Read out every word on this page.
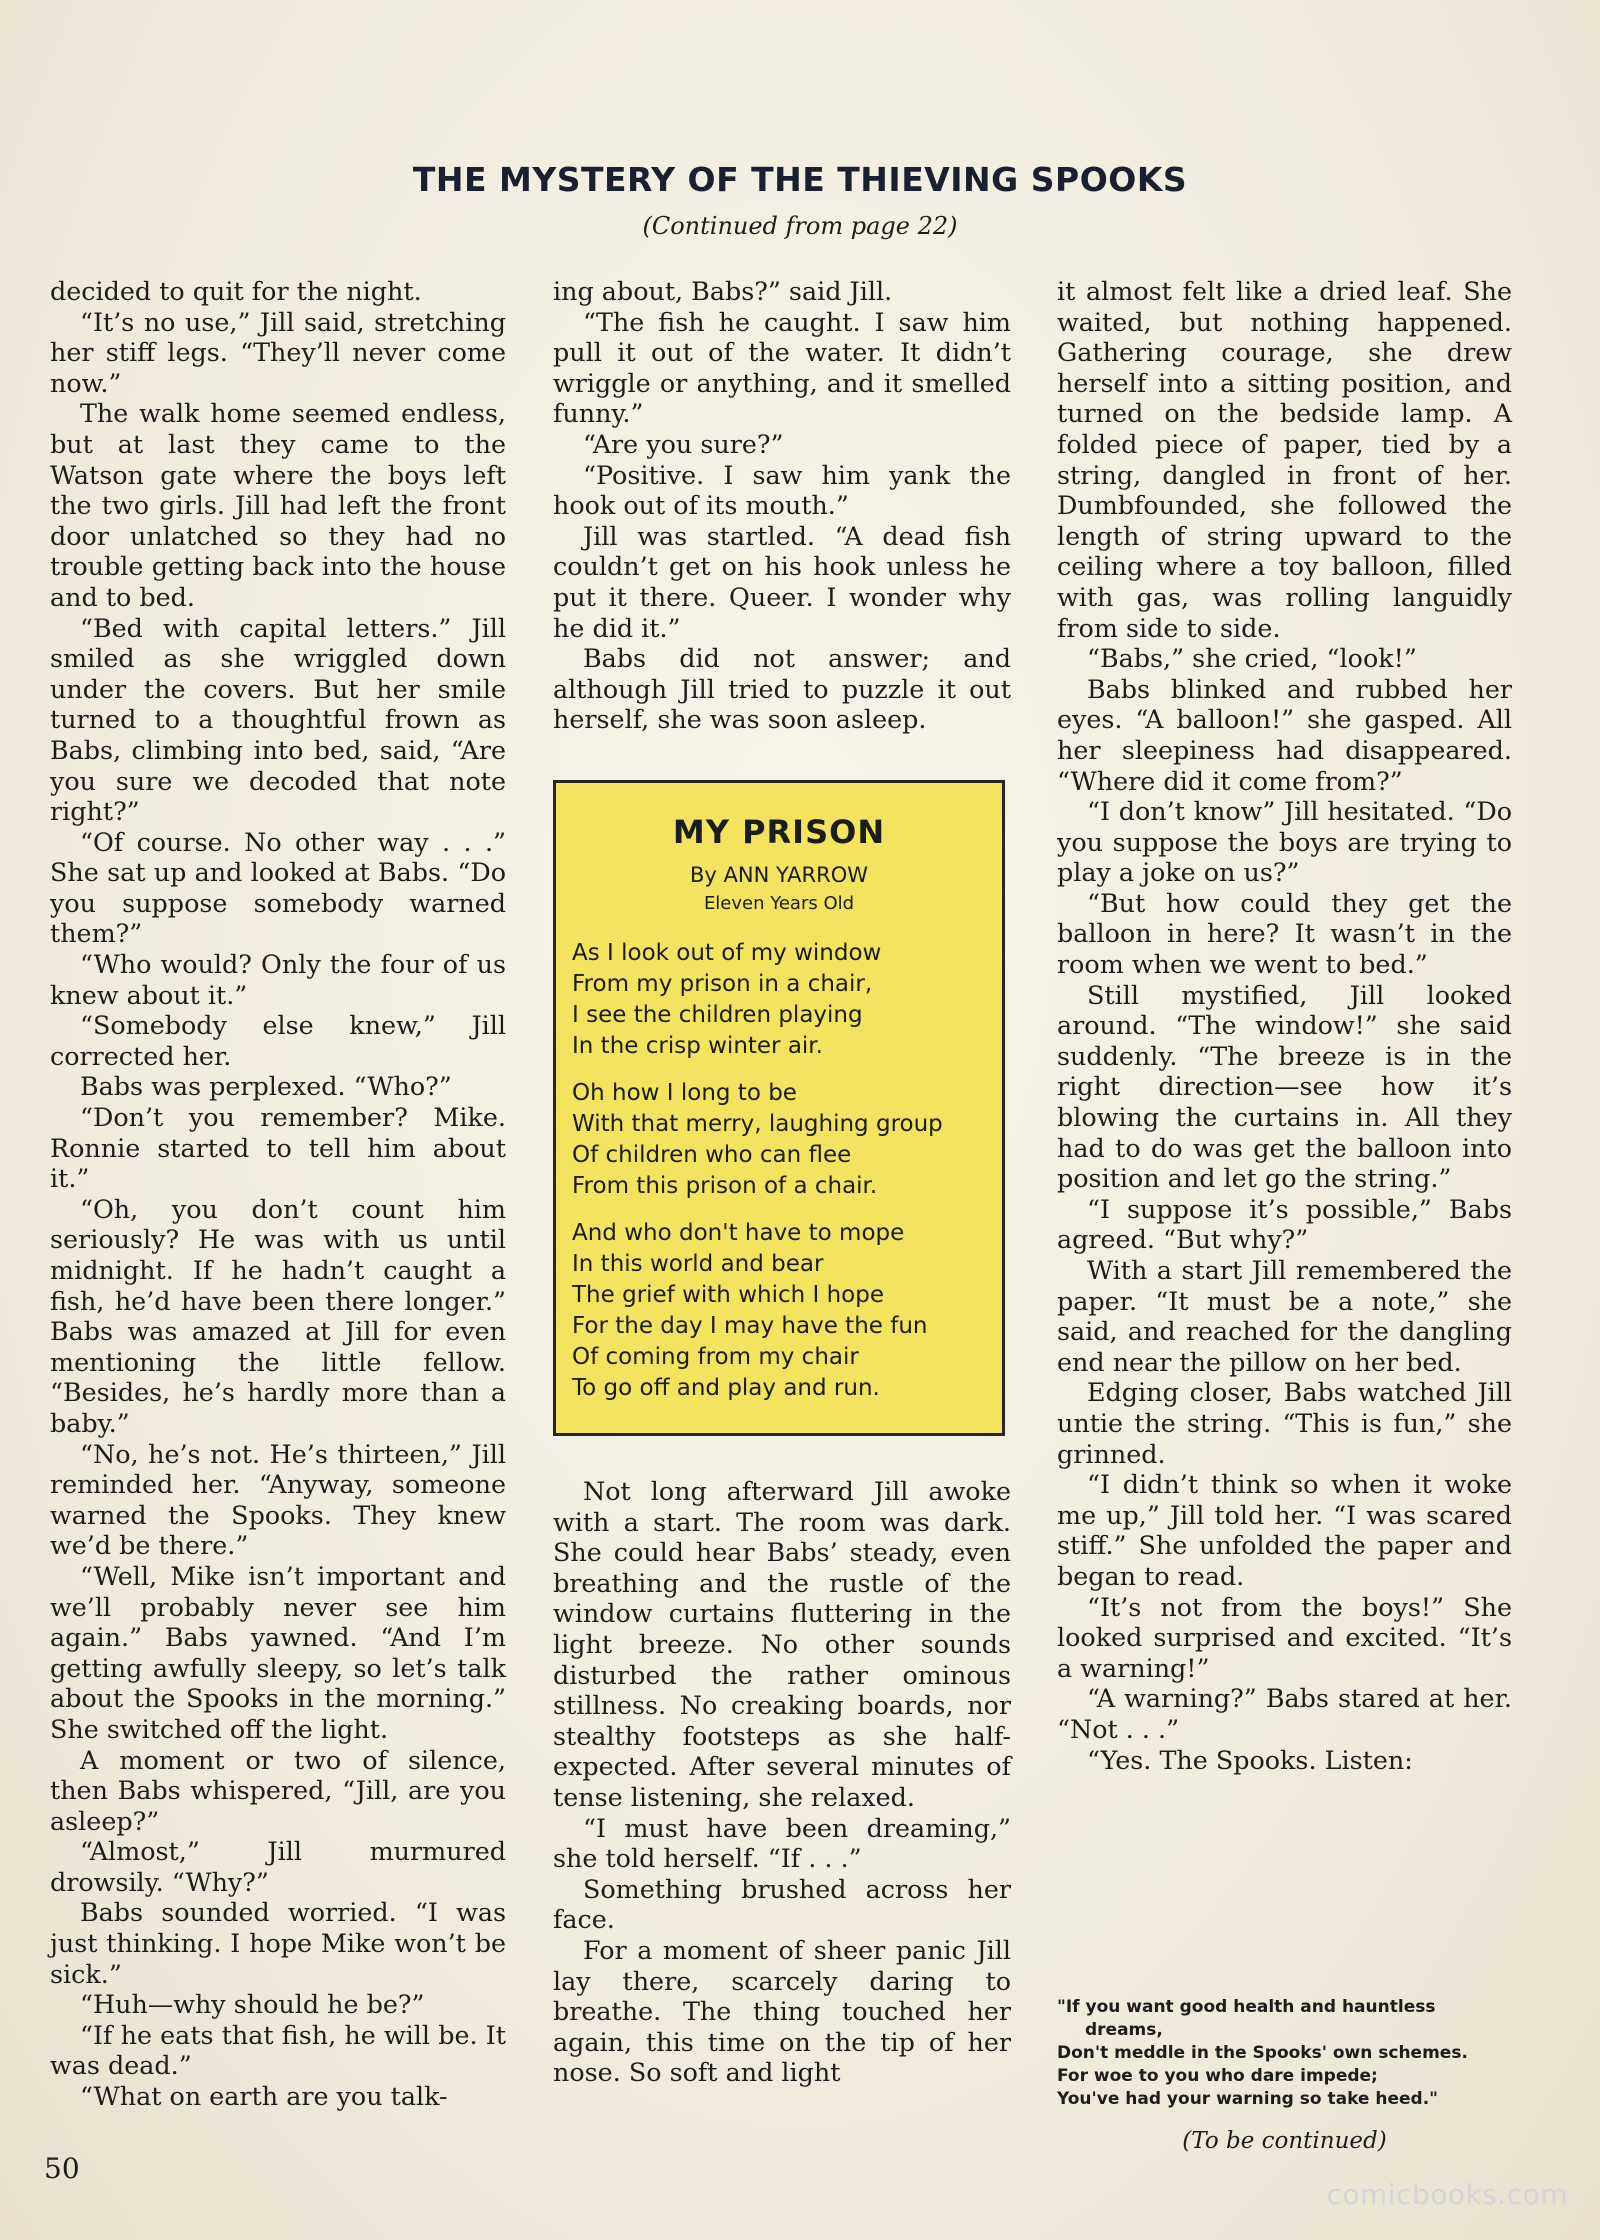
THE MYSTERY OF THE THIEVING SPOOKS
(Continued from page 22)

decided to quit for the night.

“It’s no use,” Jill said, stretching her stiff legs. “They’ll never come now.”

The walk home seemed endless, but at last they came to the Watson gate where the boys left the two girls. Jill had left the front door unlatched so they had no trouble getting back into the house and to bed.

“Bed with capital letters.” Jill smiled as she wriggled down under the covers. But her smile turned to a thoughtful frown as Babs, climbing into bed, said, “Are you sure we decoded that note right?”

“Of course. No other way . . .” She sat up and looked at Babs. “Do you suppose somebody warned them?”

“Who would? Only the four of us knew about it.”

“Somebody else knew,” Jill corrected her.

Babs was perplexed. “Who?”

“Don’t you remember? Mike. Ronnie started to tell him about it.”

“Oh, you don’t count him seriously? He was with us until midnight. If he hadn’t caught a fish, he’d have been there longer.” Babs was amazed at Jill for even mentioning the little fellow. “Besides, he’s hardly more than a baby.”

“No, he’s not. He’s thirteen,” Jill reminded her. “Anyway, someone warned the Spooks. They knew we’d be there.”

“Well, Mike isn’t important and we’ll probably never see him again.” Babs yawned. “And I’m getting awfully sleepy, so let’s talk about the Spooks in the morning.” She switched off the light.

A moment or two of silence, then Babs whispered, “Jill, are you asleep?”

“Almost,” Jill murmured drowsily. “Why?”

Babs sounded worried. “I was just thinking. I hope Mike won’t be sick.”

“Huh—why should he be?”

“If he eats that fish, he will be. It was dead.”

“What on earth are you talk-

ing about, Babs?” said Jill.

“The fish he caught. I saw him pull it out of the water. It didn’t wriggle or anything, and it smelled funny.”

“Are you sure?”

“Positive. I saw him yank the hook out of its mouth.”

Jill was startled. “A dead fish couldn’t get on his hook unless he put it there. Queer. I wonder why he did it.”

Babs did not answer; and although Jill tried to puzzle it out herself, she was soon asleep.

MY PRISON
By ANN YARROW
Eleven Years Old
As I look out of my window
From my prison in a chair,
I see the children playing
In the crisp winter air.
Oh how I long to be
With that merry, laughing group
Of children who can flee
From this prison of a chair.
And who don't have to mope
In this world and bear
The grief with which I hope
For the day I may have the fun
Of coming from my chair
To go off and play and run.

Not long afterward Jill awoke with a start. The room was dark. She could hear Babs’ steady, even breathing and the rustle of the window curtains fluttering in the light breeze. No other sounds disturbed the rather ominous stillness. No creaking boards, nor stealthy footsteps as she half-expected. After several minutes of tense listening, she relaxed.

“I must have been dreaming,” she told herself. “If . . .”

Something brushed across her face.

For a moment of sheer panic Jill lay there, scarcely daring to breathe. The thing touched her again, this time on the tip of her nose. So soft and light

it almost felt like a dried leaf. She waited, but nothing happened. Gathering courage, she drew herself into a sitting position, and turned on the bedside lamp. A folded piece of paper, tied by a string, dangled in front of her. Dumbfounded, she followed the length of string upward to the ceiling where a toy balloon, filled with gas, was rolling languidly from side to side.

“Babs,” she cried, “look!”

Babs blinked and rubbed her eyes. “A balloon!” she gasped. All her sleepiness had disappeared. “Where did it come from?”

“I don’t know” Jill hesitated. “Do you suppose the boys are trying to play a joke on us?”

“But how could they get the balloon in here? It wasn’t in the room when we went to bed.”

Still mystified, Jill looked around. “The window!” she said suddenly. “The breeze is in the right direction—see how it’s blowing the curtains in. All they had to do was get the balloon into position and let go the string.”

“I suppose it’s possible,” Babs agreed. “But why?”

With a start Jill remembered the paper. “It must be a note,” she said, and reached for the dangling end near the pillow on her bed.

Edging closer, Babs watched Jill untie the string. “This is fun,” she grinned.

“I didn’t think so when it woke me up,” Jill told her. “I was scared stiff.” She unfolded the paper and began to read.

“It’s not from the boys!” She looked surprised and excited. “It’s a warning!”

“A warning?” Babs stared at her. “Not . . .”

“Yes. The Spooks. Listen:

"If you want good health and hauntless
dreams,
Don't meddle in the Spooks' own schemes.
For woe to you who dare impede;
You've had your warning so take heed."
(To be continued)
50
comicbooks.com
